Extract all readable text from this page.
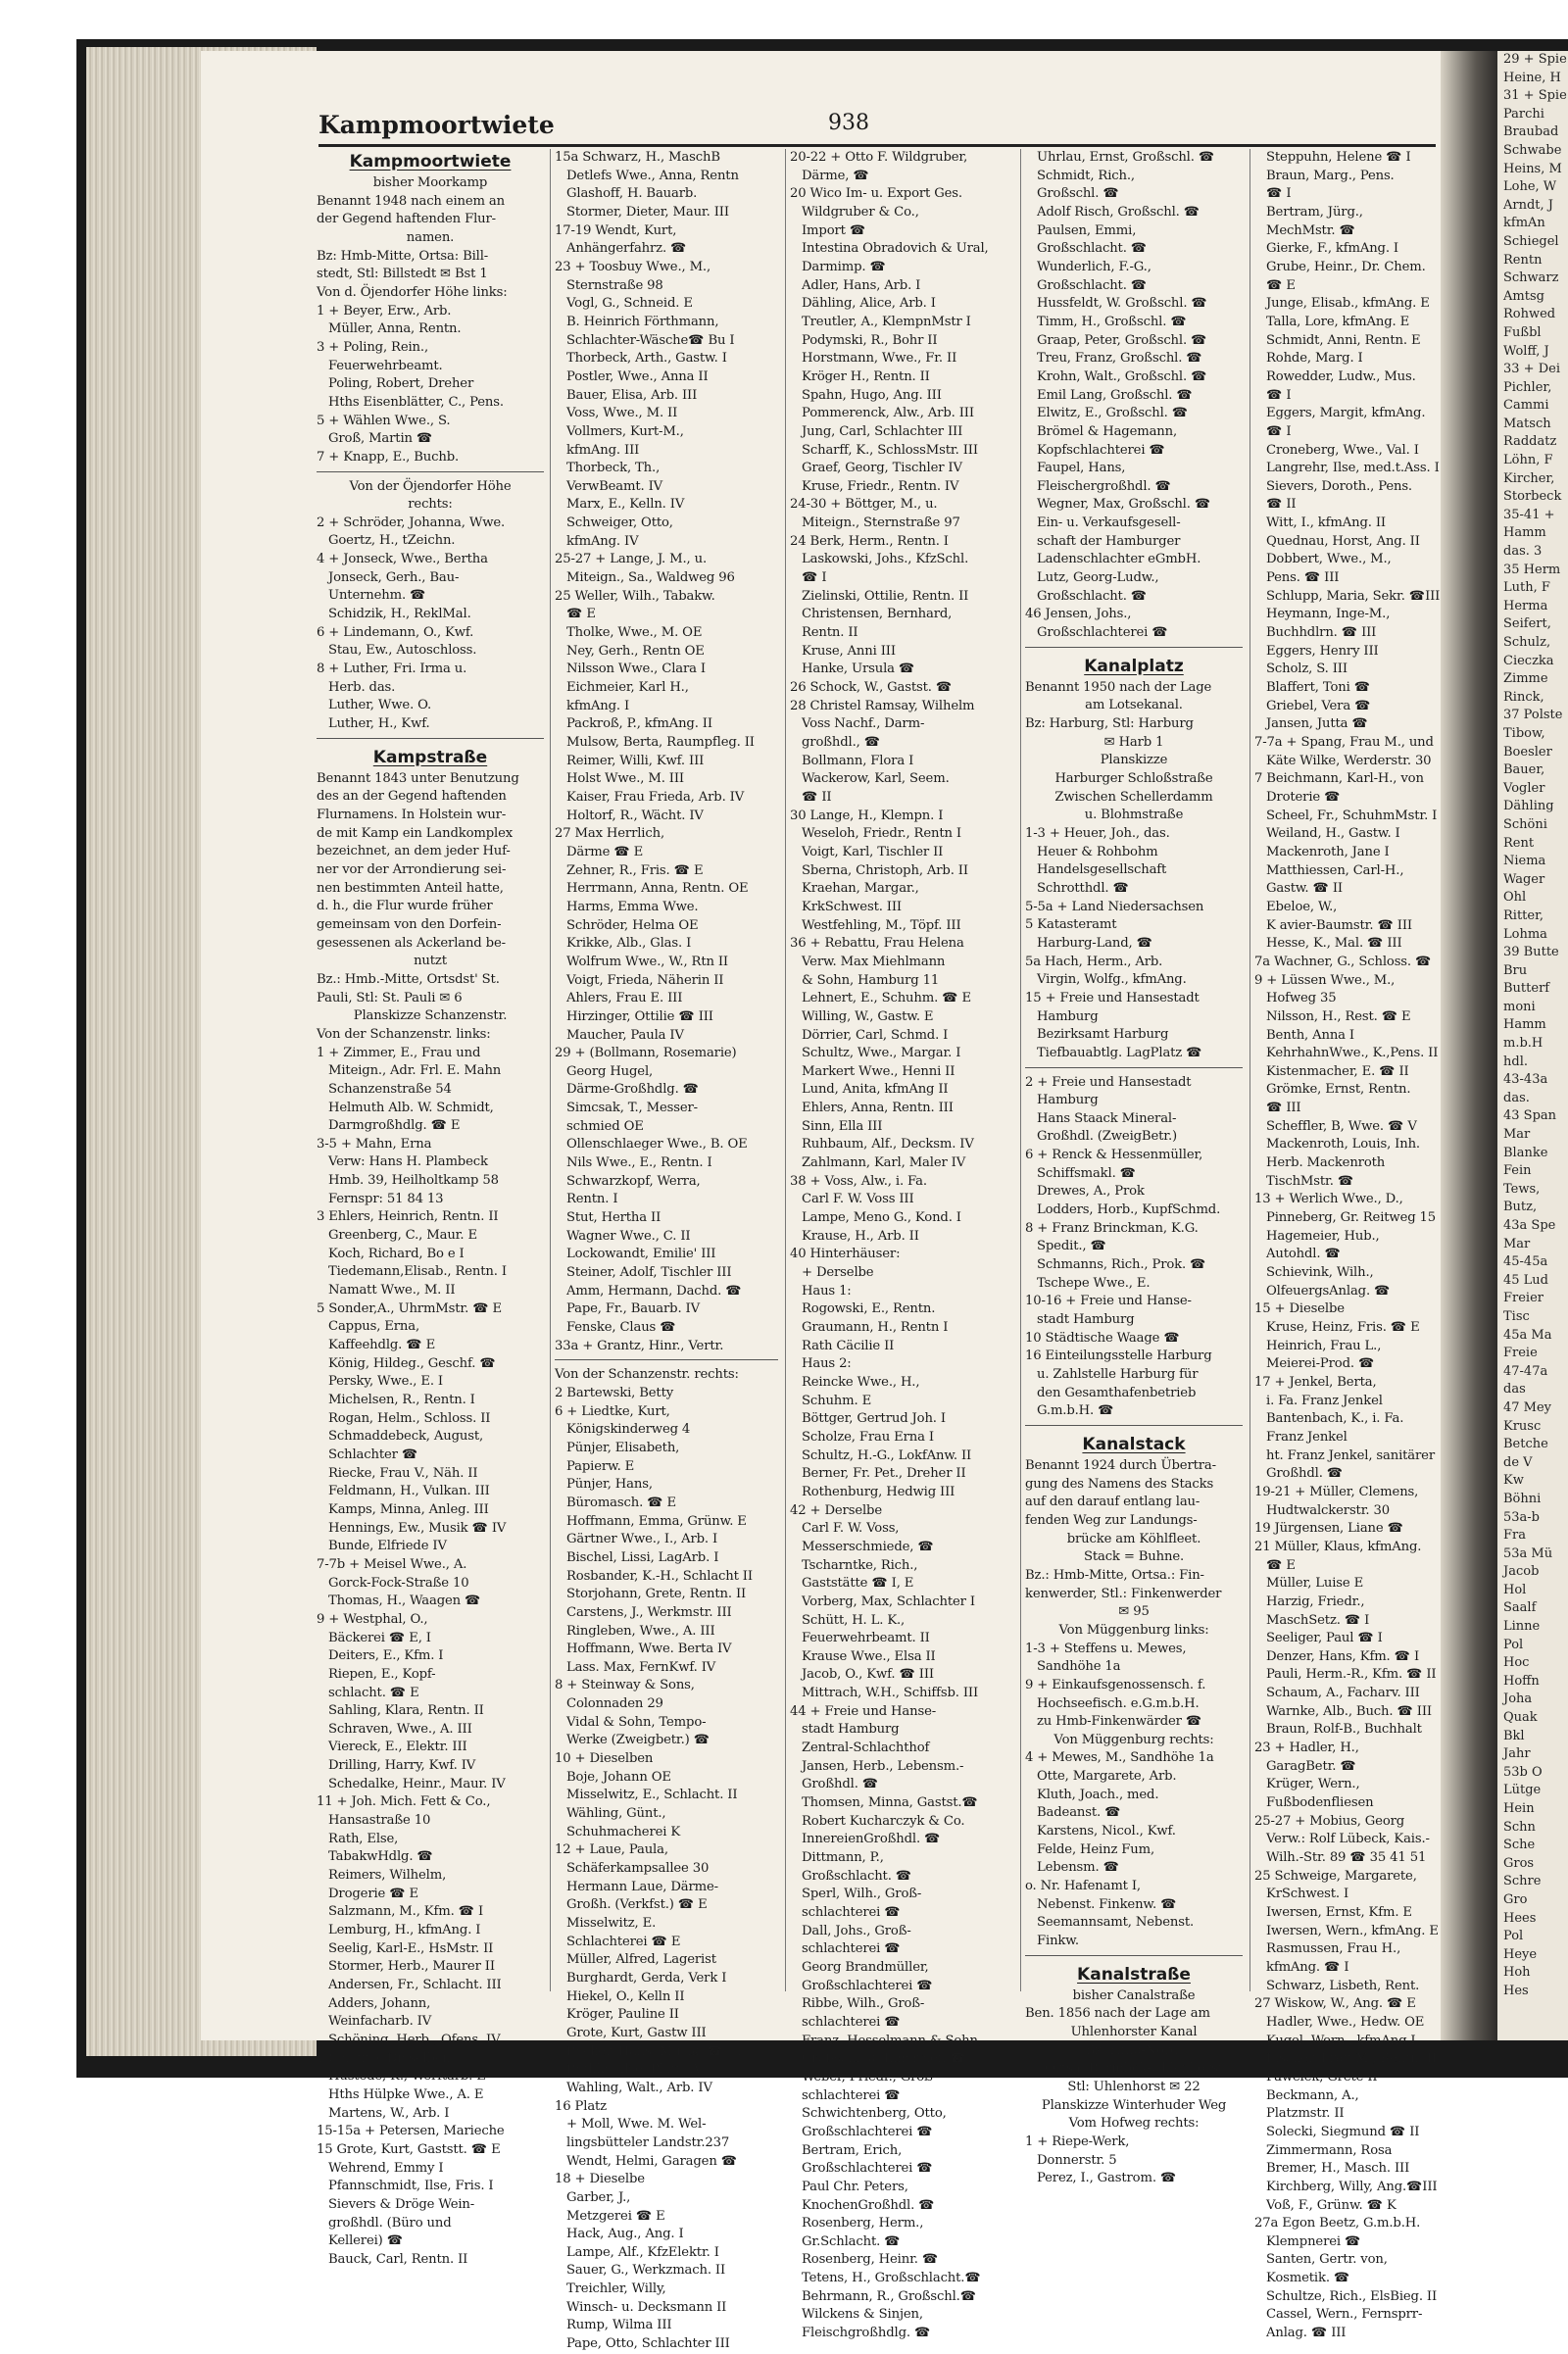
Kampmoortwiete	938
Kampmoortwiete
bisher Moorkamp
Benannt 1948 nach einem an
der Gegend haftenden Flur-
namen.
Bz: Hmb-Mitte, Ortsa: Bill-
stedt, Stl: Billstedt ✉ Bst 1
Von d. Öjendorfer Höhe links:
1 + Beyer, Erw., Arb.
Müller, Anna, Rentn.
3 + Poling, Rein.,
Feuerwehrbeamt.
Poling, Robert, Dreher
Hths Eisenblätter, C., Pens.
5 + Wählen Wwe., S.
Groß, Martin ☎
7 + Knapp, E., Buchb.
Von der Öjendorfer Höhe
rechts:
2 + Schröder, Johanna, Wwe.
Goertz, H., tZeichn.
4 + Jonseck, Wwe., Bertha
Jonseck, Gerh., Bau-
Unternehm. ☎
Schidzik, H., ReklMal.
6 + Lindemann, O., Kwf.
Stau, Ew., Autoschloss.
8 + Luther, Fri. Irma u.
Herb. das.
Luther, Wwe. O.
Luther, H., Kwf.
Kampstraße
Benannt 1843 unter Benutzung
des an der Gegend haftenden
Flurnamens. In Holstein wur-
de mit Kamp ein Landkomplex
bezeichnet, an dem jeder Huf-
ner vor der Arrondierung sei-
nen bestimmten Anteil hatte,
d. h., die Flur wurde früher
gemeinsam von den Dorfein-
gesessenen als Ackerland be-
nutzt
Bz.: Hmb.-Mitte, Ortsdst' St.
Pauli, Stl: St. Pauli ✉ 6
Planskizze Schanzenstr.
Von der Schanzenstr. links:
1 + Zimmer, E., Frau und
Miteign., Adr. Frl. E. Mahn
Schanzenstraße 54
Helmuth Alb. W. Schmidt,
Darmgroßhdlg. ☎ E
3-5 + Mahn, Erna
Verw: Hans H. Plambeck
Hmb. 39, Heilholtkamp 58
Fernspr: 51 84 13
3 Ehlers, Heinrich, Rentn. II
Greenberg, C., Maur. E
Koch, Richard, Bo e I
Tiedemann,Elisab., Rentn. I
Namatt Wwe., M. II
5 Sonder,A., UhrmMstr. ☎ E
Cappus, Erna,
Kaffeehdlg. ☎ E
König, Hildeg., Geschf. ☎
Persky, Wwe., E. I
Michelsen, R., Rentn. I
Rogan, Helm., Schloss. II
Schmaddebeck, August,
Schlachter ☎
Riecke, Frau V., Näh. II
Feldmann, H., Vulkan. III
Kamps, Minna, Anleg. III
Hennings, Ew., Musik ☎ IV
Bunde, Elfriede IV
7-7b + Meisel Wwe., A.
Gorck-Fock-Straße 10
Thomas, H., Waagen ☎
9 + Westphal, O.,
Bäckerei ☎ E, I
Deiters, E., Kfm. I
Riepen, E., Kopf-
schlacht. ☎ E
Sahling, Klara, Rentn. II
Schraven, Wwe., A. III
Viereck, E., Elektr. III
Drilling, Harry, Kwf. IV
Schedalke, Heinr., Maur. IV
11 + Joh. Mich. Fett & Co.,
Hansastraße 10
Rath, Else,
TabakwHdlg. ☎
Reimers, Wilhelm,
Drogerie ☎ E
Salzmann, M., Kfm. ☎ I
Lemburg, H., kfmAng. I
Seelig, Karl-E., HsMstr. II
Stormer, Herb., Maurer II
Andersen, Fr., Schlacht. III
Adders, Johann,
Weinfacharb. IV
Schöning, Herb., Ofens. IV
13 Platz + Dieselben
Hustede, K., Werftarb. E
Hths Hülpke Wwe., A. E
Martens, W., Arb. I
15-15a + Petersen, Marieche
15 Grote, Kurt, Gaststt. ☎ E
Wehrend, Emmy I
Pfannschmidt, Ilse, Fris. I
Sievers & Dröge Wein-
großhdl. (Büro und
Kellerei) ☎
Bauck, Carl, Rentn. II
15a Schwarz, H., MaschB
Detlefs Wwe., Anna, Rentn
Glashoff, H. Bauarb.
Stormer, Dieter, Maur. III
17-19 Wendt, Kurt,
Anhängerfahrz. ☎
23 + Toosbuy Wwe., M.,
Sternstraße 98
Vogl, G., Schneid. E
B. Heinrich Förthmann,
Schlachter-Wäsche☎ Bu I
Thorbeck, Arth., Gastw. I
Postler, Wwe., Anna II
Bauer, Elisa, Arb. III
Voss, Wwe., M. II
Vollmers, Kurt-M.,
kfmAng. III
Thorbeck, Th.,
VerwBeamt. IV
Marx, E., Kelln. IV
Schweiger, Otto,
kfmAng. IV
25-27 + Lange, J. M., u.
Miteign., Sa., Waldweg 96
25 Weller, Wilh., Tabakw.
☎ E
Tholke, Wwe., M. OE
Ney, Gerh., Rentn OE
Nilsson Wwe., Clara I
Eichmeier, Karl H.,
kfmAng. I
Packroß, P., kfmAng. II
Mulsow, Berta, Raumpfleg. II
Reimer, Willi, Kwf. III
Holst Wwe., M. III
Kaiser, Frau Frieda, Arb. IV
Holtorf, R., Wächt. IV
27 Max Herrlich,
Därme ☎ E
Zehner, R., Fris. ☎ E
Herrmann, Anna, Rentn. OE
Harms, Emma Wwe.
Schröder, Helma OE
Krikke, Alb., Glas. I
Wolfrum Wwe., W., Rtn II
Voigt, Frieda, Näherin II
Ahlers, Frau E. III
Hirzinger, Ottilie ☎ III
Maucher, Paula IV
29 + (Bollmann, Rosemarie)
Georg Hugel,
Därme-Großhdlg. ☎
Simcsak, T., Messer-
schmied OE
Ollenschlaeger Wwe., B. OE
Nils Wwe., E., Rentn. I
Schwarzkopf, Werra,
Rentn. I
Stut, Hertha II
Wagner Wwe., C. II
Lockowandt, Emilie' III
Steiner, Adolf, Tischler III
Amm, Hermann, Dachd. ☎
Pape, Fr., Bauarb. IV
Fenske, Claus ☎
33a + Grantz, Hinr., Vertr.
Von der Schanzenstr. rechts:
2 Bartewski, Betty
6 + Liedtke, Kurt,
Königskinderweg 4
Pünjer, Elisabeth,
Papierw. E
Pünjer, Hans,
Büromasch. ☎ E
Hoffmann, Emma, Grünw. E
Gärtner Wwe., I., Arb. I
Bischel, Lissi, LagArb. I
Rosbander, K.-H., Schlacht II
Storjohann, Grete, Rentn. II
Carstens, J., Werkmstr. III
Ringleben, Wwe., A. III
Hoffmann, Wwe. Berta IV
Lass. Max, FernKwf. IV
8 + Steinway & Sons,
Colonnaden 29
Vidal & Sohn, Tempo-
Werke (Zweigbetr.) ☎
10 + Dieselben
Boje, Johann OE
Misselwitz, E., Schlacht. II
Wähling, Günt.,
Schuhmacherei K
12 + Laue, Paula,
Schäferkampsallee 30
Hermann Laue, Därme-
Großh. (Verkfst.) ☎ E
Misselwitz, E.
Schlachterei ☎ E
Müller, Alfred, Lagerist
Burghardt, Gerda, Verk I
Hiekel, O., Kelln II
Kröger, Pauline II
Grote, Kurt, Gastw III
Becker, Hans, Musik. ☎ III
Bethke, Ilse, Plätt. IV
Wahling, Walt., Arb. IV
16 Platz
+ Moll, Wwe. M. Wel-
lingsbütteler Landstr.237
Wendt, Helmi, Garagen ☎
18 + Dieselbe
Garber, J.,
Metzgerei ☎ E
Hack, Aug., Ang. I
Lampe, Alf., KfzElektr. I
Sauer, G., Werkzmach. II
Treichler, Willy,
Winsch- u. Decksmann II
Rump, Wilma III
Pape, Otto, Schlachter III
20-22 + Otto F. Wildgruber,
Därme, ☎
20 Wico Im- u. Export Ges.
Wildgruber & Co.,
Import ☎
Intestina Obradovich & Ural,
Darmimp. ☎
Adler, Hans, Arb. I
Dähling, Alice, Arb. I
Treutler, A., KlempnMstr I
Podymski, R., Bohr II
Horstmann, Wwe., Fr. II
Kröger H., Rentn. II
Spahn, Hugo, Ang. III
Pommerenck, Alw., Arb. III
Jung, Carl, Schlachter III
Scharff, K., SchlossMstr. III
Graef, Georg, Tischler IV
Kruse, Friedr., Rentn. IV
24-30 + Böttger, M., u.
Miteign., Sternstraße 97
24 Berk, Herm., Rentn. I
Laskowski, Johs., KfzSchl.
☎ I
Zielinski, Ottilie, Rentn. II
Christensen, Bernhard,
Rentn. II
Kruse, Anni III
Hanke, Ursula ☎
26 Schock, W., Gastst. ☎
28 Christel Ramsay, Wilhelm
Voss Nachf., Darm-
großhdl., ☎
Bollmann, Flora I
Wackerow, Karl, Seem.
☎ II
30 Lange, H., Klempn. I
Weseloh, Friedr., Rentn I
Voigt, Karl, Tischler II
Sberna, Christoph, Arb. II
Kraehan, Margar.,
KrkSchwest. III
Westfehling, M., Töpf. III
36 + Rebattu, Frau Helena
Verw. Max Miehlmann
& Sohn, Hamburg 11
Lehnert, E., Schuhm. ☎ E
Willing, W., Gastw. E
Dörrier, Carl, Schmd. I
Schultz, Wwe., Margar. I
Markert Wwe., Henni II
Lund, Anita, kfmAng II
Ehlers, Anna, Rentn. III
Sinn, Ella III
Ruhbaum, Alf., Decksm. IV
Zahlmann, Karl, Maler IV
38 + Voss, Alw., i. Fa.
Carl F. W. Voss III
Lampe, Meno G., Kond. I
Krause, H., Arb. II
40 Hinterhäuser:
+ Derselbe
Haus 1:
Rogowski, E., Rentn.
Graumann, H., Rentn I
Rath Cäcilie II
Haus 2:
Reincke Wwe., H.,
Schuhm. E
Böttger, Gertrud Joh. I
Scholze, Frau Erna I
Schultz, H.-G., LokfAnw. II
Berner, Fr. Pet., Dreher II
Rothenburg, Hedwig III
42 + Derselbe
Carl F. W. Voss,
Messerschmiede, ☎
Tscharntke, Rich.,
Gaststätte ☎ I, E
Vorberg, Max, Schlachter I
Schütt, H. L. K.,
Feuerwehrbeamt. II
Krause Wwe., Elsa II
Jacob, O., Kwf. ☎ III
Mittrach, W.H., Schiffsb. III
44 + Freie und Hanse-
stadt Hamburg
Zentral-Schlachthof
Jansen, Herb., Lebensm.-
Großhdl. ☎
Thomsen, Minna, Gastst.☎
Robert Kucharczyk & Co.
InnereienGroßhdl. ☎
Dittmann, P.,
Großschlacht. ☎
Sperl, Wilh., Groß-
schlachterei ☎
Dall, Johs., Groß-
schlachterei ☎
Georg Brandmüller,
Großschlachterei ☎
Ribbe, Wilh., Groß-
schlachterei ☎
Franz, Hesselmann & Sohn,
Großschl. u. Innereien ☎
Weber, Friedr., Groß-
schlachterei ☎
Schwichtenberg, Otto,
Großschlachterei ☎
Bertram, Erich,
Großschlachterei ☎
Paul Chr. Peters,
KnochenGroßhdl. ☎
Rosenberg, Herm.,
Gr.Schlacht. ☎
Rosenberg, Heinr. ☎
Tetens, H., Großschlacht.☎
Behrmann, R., Großschl.☎
Wilckens & Sinjen,
Fleischgroßhdlg. ☎
Uhrlau, Ernst, Großschl. ☎
Schmidt, Rich.,
Großschl. ☎
Adolf Risch, Großschl. ☎
Paulsen, Emmi,
Großschlacht. ☎
Wunderlich, F.-G.,
Großschlacht. ☎
Hussfeldt, W. Großschl. ☎
Timm, H., Großschl. ☎
Graap, Peter, Großschl. ☎
Treu, Franz, Großschl. ☎
Krohn, Walt., Großschl. ☎
Emil Lang, Großschl. ☎
Elwitz, E., Großschl. ☎
Brömel & Hagemann,
Kopfschlachterei ☎
Faupel, Hans,
Fleischergroßhdl. ☎
Wegner, Max, Großschl. ☎
Ein- u. Verkaufsgesell-
schaft der Hamburger
Ladenschlachter eGmbH.
Lutz, Georg-Ludw.,
Großschlacht. ☎
46 Jensen, Johs.,
Großschlachterei ☎
Kanalplatz
Benannt 1950 nach der Lage
am Lotsekanal.
Bz: Harburg, Stl: Harburg
✉ Harb 1
Planskizze
Harburger Schloßstraße
Zwischen Schellerdamm
u. Blohmstraße
1-3 + Heuer, Joh., das.
Heuer & Rohbohm
Handelsgesellschaft
Schrotthdl. ☎
5-5a + Land Niedersachsen
5 Katasteramt
Harburg-Land, ☎
5a Hach, Herm., Arb.
Virgin, Wolfg., kfmAng.
15 + Freie und Hansestadt
Hamburg
Bezirksamt Harburg
Tiefbauabtlg. LagPlatz ☎
2 + Freie und Hansestadt
Hamburg
Hans Staack Mineral-
Großhdl. (ZweigBetr.)
6 + Renck & Hessenmüller,
Schiffsmakl. ☎
Drewes, A., Prok
Lodders, Horb., KupfSchmd.
8 + Franz Brinckman, K.G.
Spedit., ☎
Schmanns, Rich., Prok. ☎
Tschepe Wwe., E.
10-16 + Freie und Hanse-
stadt Hamburg
10 Städtische Waage ☎
16 Einteilungsstelle Harburg
u. Zahlstelle Harburg für
den Gesamthafenbetrieb
G.m.b.H. ☎
Kanalstack
Benannt 1924 durch Übertra-
gung des Namens des Stacks
auf den darauf entlang lau-
fenden Weg zur Landungs-
brücke am Köhlfleet.
Stack = Buhne.
Bz.: Hmb-Mitte, Ortsa.: Fin-
kenwerder, Stl.: Finkenwerder
✉ 95
Von Müggenburg links:
1-3 + Steffens u. Mewes,
Sandhöhe 1a
9 + Einkaufsgenossensch. f.
Hochseefisch. e.G.m.b.H.
zu Hmb-Finkenwärder ☎
Von Müggenburg rechts:
4 + Mewes, M., Sandhöhe 1a
Otte, Margarete, Arb.
Kluth, Joach., med.
Badeanst. ☎
Karstens, Nicol., Kwf.
Felde, Heinz Fum,
Lebensm. ☎
o. Nr. Hafenamt I,
Nebenst. Finkenw. ☎
Seemannsamt, Nebenst.
Finkw.
Kanalstraße
bisher Canalstraße
Ben. 1856 nach der Lage am
Uhlenhorster Kanal
Bz: Hmb-Nord,
Ortsa: Barmbek-Uhlenhorst
Stl: Uhlenhorst ✉ 22
Planskizze Winterhuder Weg
Vom Hofweg rechts:
1 + Riepe-Werk,
Donnerstr. 5
Perez, I., Gastrom. ☎
Steppuhn, Helene ☎ I
Braun, Marg., Pens.
☎ I
Bertram, Jürg.,
MechMstr. ☎
Gierke, F., kfmAng. I
Grube, Heinr., Dr. Chem.
☎ E
Junge, Elisab., kfmAng. E
Talla, Lore, kfmAng. E
Schmidt, Anni, Rentn. E
Rohde, Marg. I
Rowedder, Ludw., Mus.
☎ I
Eggers, Margit, kfmAng.
☎ I
Croneberg, Wwe., Val. I
Langrehr, Ilse, med.t.Ass. I
Sievers, Doroth., Pens.
☎ II
Witt, I., kfmAng. II
Quednau, Horst, Ang. II
Dobbert, Wwe., M.,
Pens. ☎ III
Schlupp, Maria, Sekr. ☎III
Heymann, Inge-M.,
Buchhdlrn. ☎ III
Eggers, Henry III
Scholz, S. III
Blaffert, Toni ☎
Griebel, Vera ☎
Jansen, Jutta ☎
7-7a + Spang, Frau M., und
Käte Wilke, Werderstr. 30
7 Beichmann, Karl-H., von
Droterie ☎
Scheel, Fr., SchuhmMstr. I
Weiland, H., Gastw. I
Mackenroth, Jane I
Matthiessen, Carl-H.,
Gastw. ☎ II
Ebeloe, W.,
K avier-Baumstr. ☎ III
Hesse, K., Mal. ☎ III
7a Wachner, G., Schloss. ☎
9 + Lüssen Wwe., M.,
Hofweg 35
Nilsson, H., Rest. ☎ E
Benth, Anna I
KehrhahnWwe., K.,Pens. II
Kistenmacher, E. ☎ II
Grömke, Ernst, Rentn.
☎ III
Scheffler, B, Wwe. ☎ V
Mackenroth, Louis, Inh.
Herb. Mackenroth
TischMstr. ☎
13 + Werlich Wwe., D.,
Pinneberg, Gr. Reitweg 15
Hagemeier, Hub.,
Autohdl. ☎
Schievink, Wilh.,
OlfeuergsAnlag. ☎
15 + Dieselbe
Kruse, Heinz, Fris. ☎ E
Heinrich, Frau L.,
Meierei-Prod. ☎
17 + Jenkel, Berta,
i. Fa. Franz Jenkel
Bantenbach, K., i. Fa.
Franz Jenkel
ht. Franz Jenkel, sanitärer
Großhdl. ☎
19-21 + Müller, Clemens,
Hudtwalckerstr. 30
19 Jürgensen, Liane ☎
21 Müller, Klaus, kfmAng.
☎ E
Müller, Luise E
Harzig, Friedr.,
MaschSetz. ☎ I
Seeliger, Paul ☎ I
Denzer, Hans, Kfm. ☎ I
Pauli, Herm.-R., Kfm. ☎ II
Schaum, A., Facharv. III
Warnke, Alb., Buch. ☎ III
Braun, Rolf-B., Buchhalt
23 + Hadler, H.,
GaragBetr. ☎
Krüger, Wern.,
Fußbodenfliesen
25-27 + Mobius, Georg
Verw.: Rolf Lübeck, Kais.-
Wilh.-Str. 89 ☎ 35 41 51
25 Schweige, Margarete,
KrSchwest. I
Iwersen, Ernst, Kfm. E
Iwersen, Wern., kfmAng. E
Rasmussen, Frau H.,
kfmAng. ☎ I
Schwarz, Lisbeth, Rent.
27 Wiskow, W., Ang. ☎ E
Hadler, Wwe., Hedw. OE
Kugel, Wern., kfmAng I
Fischer, Frau M., Rentn. II
Pawelek, Grete II
Beckmann, A.,
Platzmstr. II
Solecki, Siegmund ☎ II
Zimmermann, Rosa
Bremer, H., Masch. III
Kirchberg, Willy, Ang.☎III
Voß, F., Grünw. ☎ K
27a Egon Beetz, G.m.b.H.
Klempnerei ☎
Santen, Gertr. von,
Kosmetik. ☎
Schultze, Rich., ElsBieg. II
Cassel, Wern., Fernsprr-
Anlag. ☎ III
29 + Spie
Heine, H
31 + Spie
Parchi
Braubad
Schwabe
Heins, M
Lohe, W
Arndt, J
kfmAn
Schiegel
Rentn
Schwarz
Amtsg
Rohwed
Fußbl
Wolff, J
33 + Dei
Pichler,
Cammi
Matsch
Raddatz
Löhn, F
Kircher,
Storbeck
35-41 +
Hamm
das. 3
35 Herm
Luth, F
Herma
Seifert,
Schulz,
Cieczka
Zimme
Rinck,
37 Polste
Tibow,
Boesler
Bauer,
Vogler
Dähling
Schöni
Rent
Niema
Wager
Ohl
Ritter,
Lohma
39 Butte
Bru
Butterf
moni
Hamm
m.b.H
hdl.
43-43a
das.
43 Span
Mar
Blanke
Fein
Tews,
Butz,
43a Spe
Mar
45-45a
45 Lud
Freier
Tisc
45a Ma
Freie
47-47a
das
47 Mey
Krusc
Betche
de V
Kw
Böhni
53a-b
Fra
53a Mü
Jacob
Hol
Saalf
Linne
Pol
Hoc
Hoffn
Joha
Quak
Bkl
Jahr
53b O
Lütge
Hein
Schn
Sche
Gros
Schre
Gro
Hees
Pol
Heye
Hoh
Hes
